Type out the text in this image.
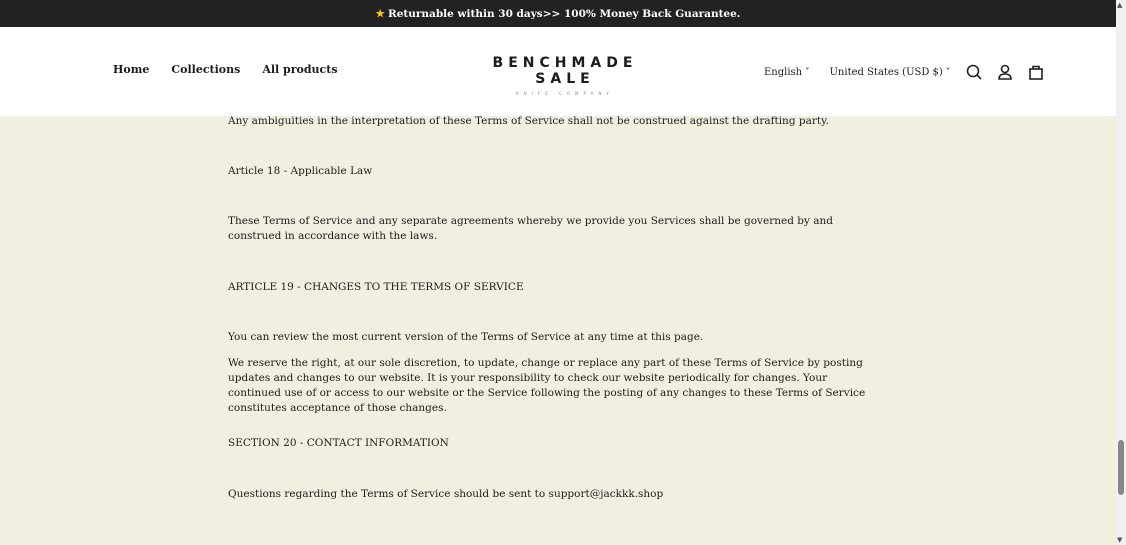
★ Returnable within 30 days>> 100% Money Back Guarantee.
Home Collections All products	BENCHMADE SALE
KNIFE COMPANY
English ˅	United States (USD $) ˅

Any ambiguities in the interpretation of these Terms of Service shall not be construed against the drafting party.

Article 18 - Applicable Law

These Terms of Service and any separate agreements whereby we provide you Services shall be governed by and construed in accordance with the laws.

ARTICLE 19 - CHANGES TO THE TERMS OF SERVICE

You can review the most current version of the Terms of Service at any time at this page.

We reserve the right, at our sole discretion, to update, change or replace any part of these Terms of Service by posting updates and changes to our website. It is your responsibility to check our website periodically for changes. Your continued use of or access to our website or the Service following the posting of any changes to these Terms of Service constitutes acceptance of those changes.

SECTION 20 - CONTACT INFORMATION

Questions regarding the Terms of Service should be sent to support@jackkk.shop

▲
▼
